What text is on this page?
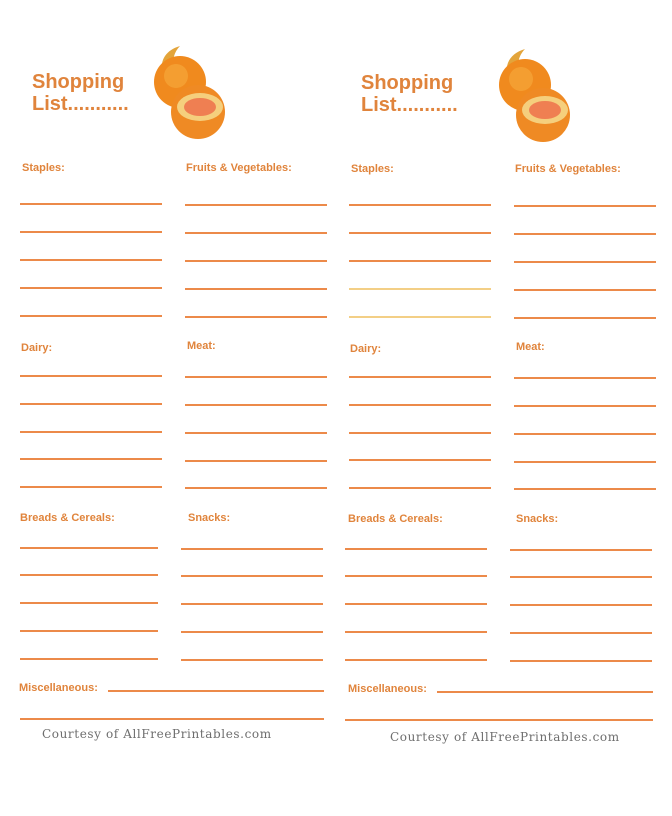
Shopping
List...........
Staples:	Fruits & Vegetables:
Dairy:	Meat:
Breads & Cereals:	Snacks:
Miscellaneous:
Courtesy of AllFreePrintables.com
Shopping
List...........
Staples:	Fruits & Vegetables:
Dairy:	Meat:
Breads & Cereals:	Snacks:
Miscellaneous:
Courtesy of AllFreePrintables.com
